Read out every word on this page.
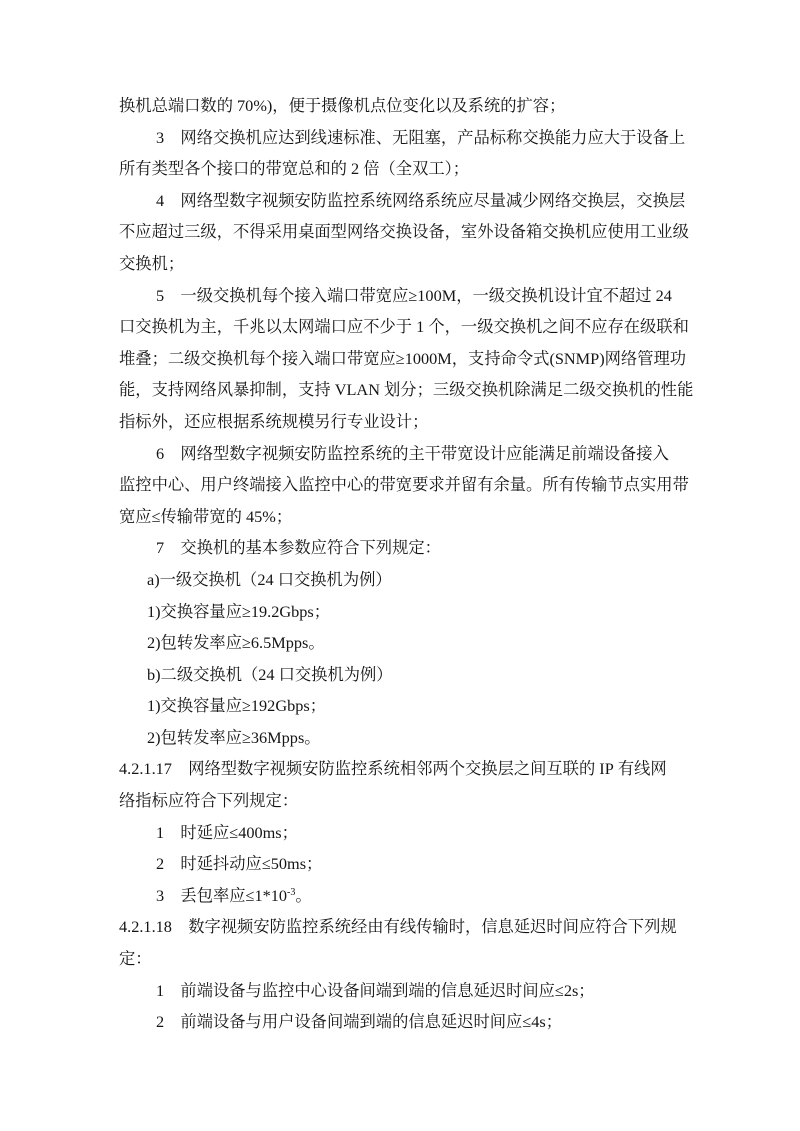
换机总端口数的 70%)，便于摄像机点位变化以及系统的扩容；
3　网络交换机应达到线速标准、无阻塞，产品标称交换能力应大于设备上
所有类型各个接口的带宽总和的 2 倍（全双工）；
4　网络型数字视频安防监控系统网络系统应尽量减少网络交换层，交换层
不应超过三级，不得采用桌面型网络交换设备，室外设备箱交换机应使用工业级
交换机；
5　一级交换机每个接入端口带宽应≥100M，一级交换机设计宜不超过 24
口交换机为主，千兆以太网端口应不少于 1 个，一级交换机之间不应存在级联和
堆叠；二级交换机每个接入端口带宽应≥1000M，支持命令式(SNMP)网络管理功
能，支持网络风暴抑制，支持 VLAN 划分；三级交换机除满足二级交换机的性能
指标外，还应根据系统规模另行专业设计；
6　网络型数字视频安防监控系统的主干带宽设计应能满足前端设备接入
监控中心、用户终端接入监控中心的带宽要求并留有余量。所有传输节点实用带
宽应≤传输带宽的 45%；
7　交换机的基本参数应符合下列规定：
a)一级交换机（24 口交换机为例）
1)交换容量应≥19.2Gbps；
2)包转发率应≥6.5Mpps。
b)二级交换机（24 口交换机为例）
1)交换容量应≥192Gbps；
2)包转发率应≥36Mpps。
4.2.1.17　网络型数字视频安防监控系统相邻两个交换层之间互联的 IP 有线网
络指标应符合下列规定：
1　时延应≤400ms；
2　时延抖动应≤50ms；
3　丢包率应$\le 1*10^{-3}$。
4.2.1.18　数字视频安防监控系统经由有线传输时，信息延迟时间应符合下列规
定：
1　前端设备与监控中心设备间端到端的信息延迟时间应≤2s；
2　前端设备与用户设备间端到端的信息延迟时间应≤4s；
